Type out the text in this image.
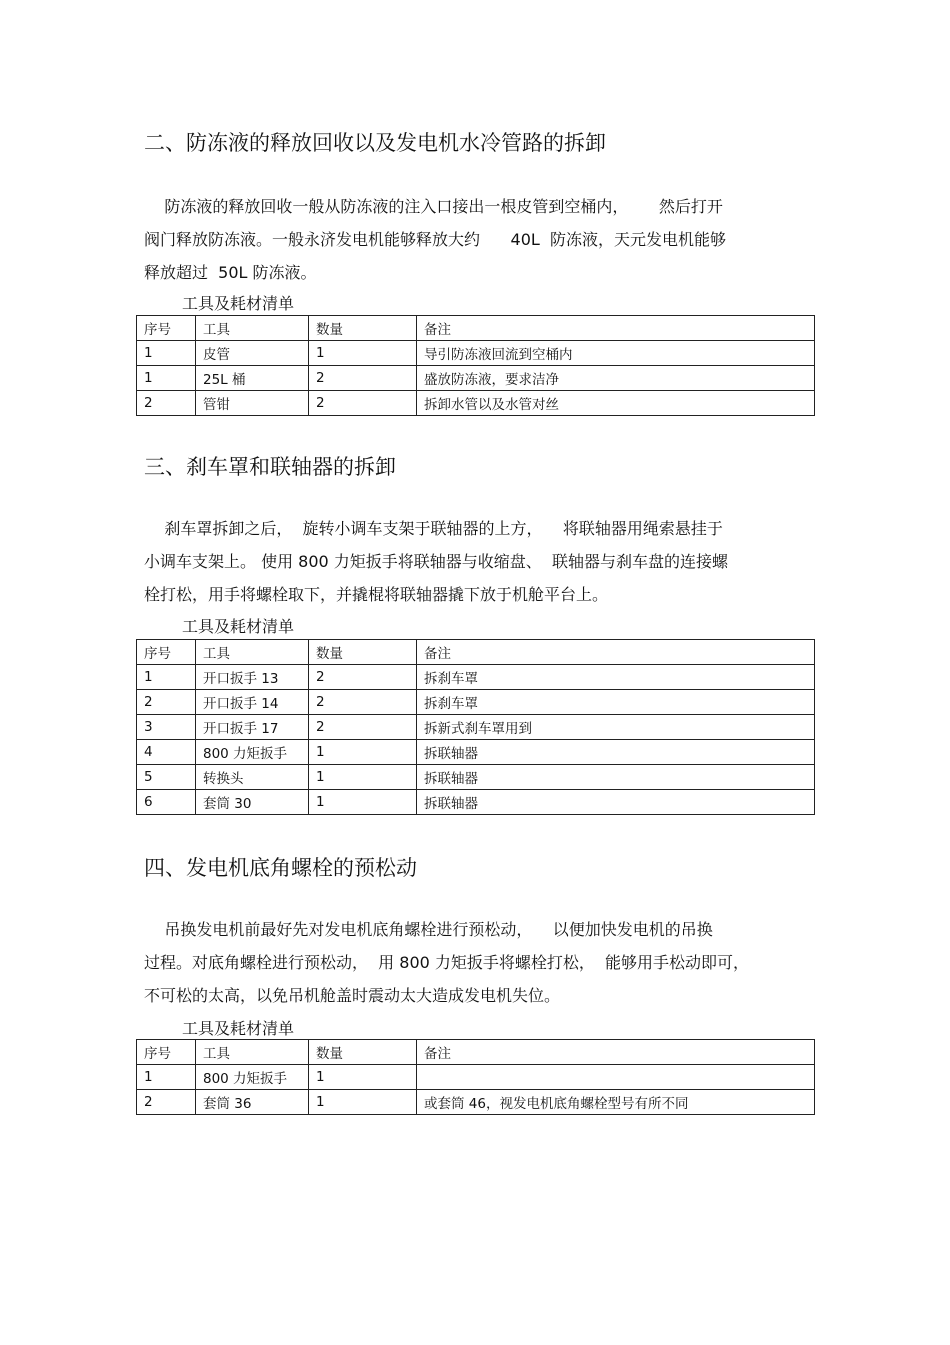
二、防冻液的释放回收以及发电机水冷管路的拆卸
防冻液的释放回收一般从防冻液的注入口接出一根皮管到空桶内，      然后打开
阀门释放防冻液。一般永济发电机能够释放大约      40L  防冻液，天元发电机能够
释放超过  50L 防冻液。

工具及耗材清单

序号	工具	数量	备注
1	皮管	1	导引防冻液回流到空桶内
1	25L 桶	2	盛放防冻液，要求洁净
2	管钳	2	拆卸水管以及水管对丝
三、刹车罩和联轴器的拆卸
刹车罩拆卸之后，  旋转小调车支架于联轴器的上方，    将联轴器用绳索悬挂于
小调车支架上。 使用 800 力矩扳手将联轴器与收缩盘、  联轴器与刹车盘的连接螺
栓打松，用手将螺栓取下，并撬棍将联轴器撬下放于机舱平台上。

工具及耗材清单

序号	工具	数量	备注
1	开口扳手 13	2	拆刹车罩
2	开口扳手 14	2	拆刹车罩
3	开口扳手 17	2	拆新式刹车罩用到
4	800 力矩扳手	1	拆联轴器
5	转换头	1	拆联轴器
6	套筒 30	1	拆联轴器
四、发电机底角螺栓的预松动
吊换发电机前最好先对发电机底角螺栓进行预松动，    以便加快发电机的吊换
过程。对底角螺栓进行预松动，  用 800 力矩扳手将螺栓打松，  能够用手松动即可，
不可松的太高，以免吊机舱盖时震动太大造成发电机失位。

工具及耗材清单

序号	工具	数量	备注
1	800 力矩扳手	1	
2	套筒 36	1	或套筒 46，视发电机底角螺栓型号有所不同
